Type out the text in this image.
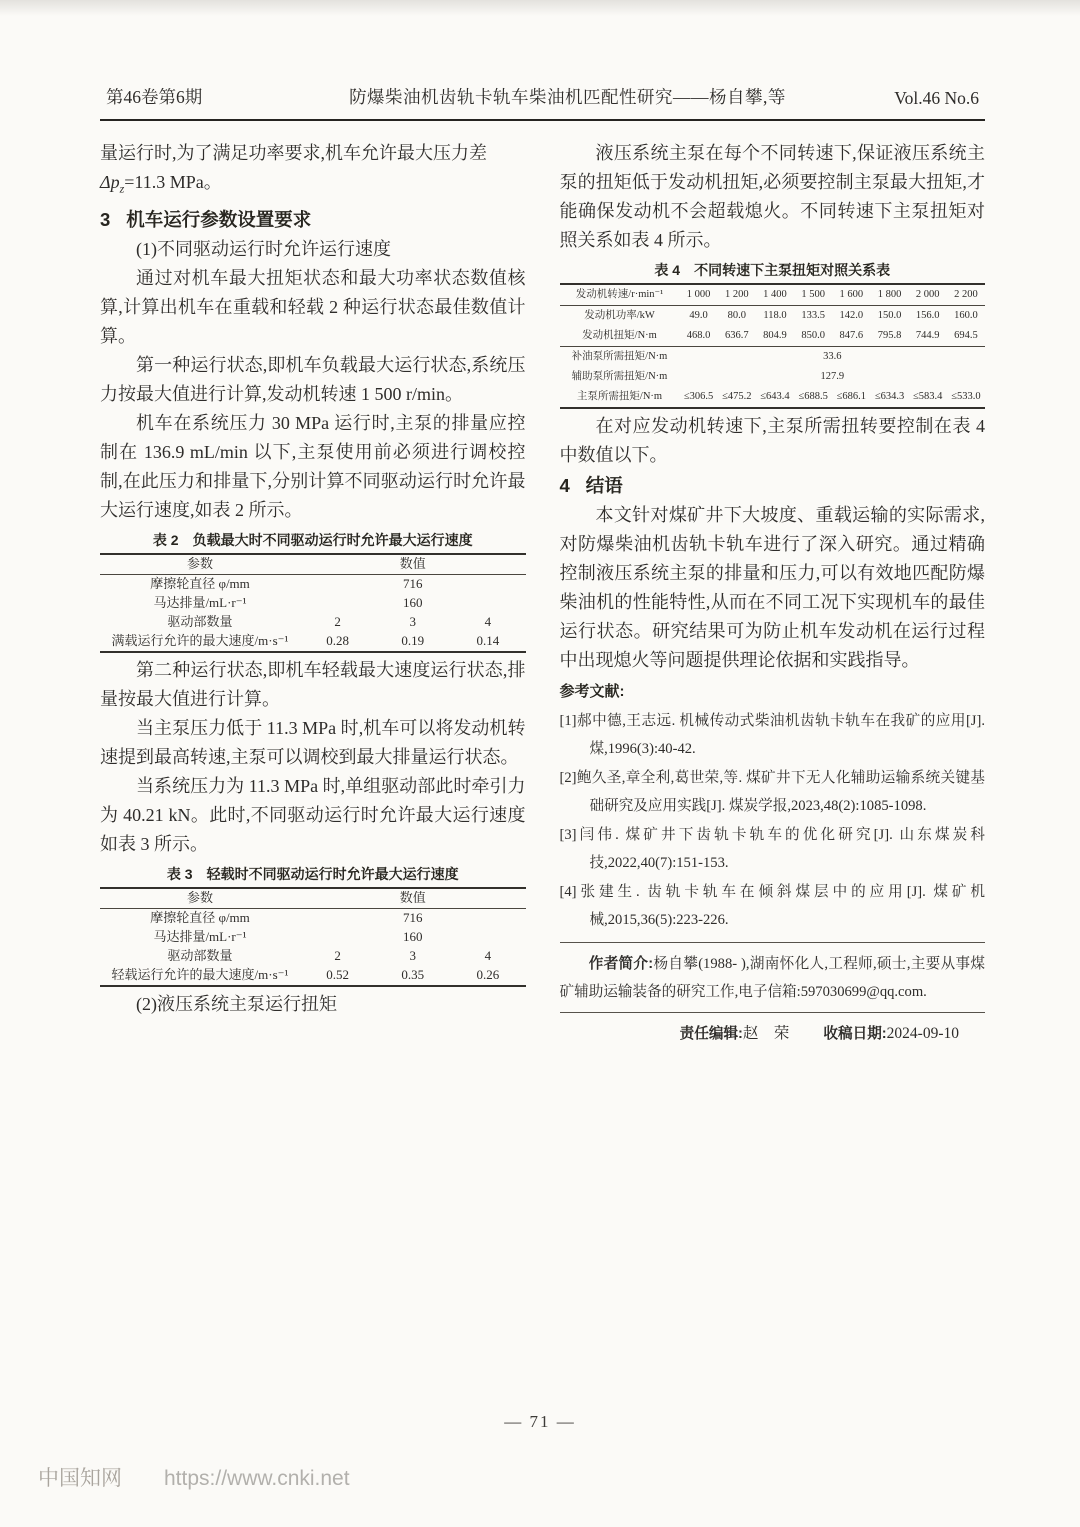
第46卷第6期	防爆柴油机齿轨卡轨车柴油机匹配性研究——杨自攀,等	Vol.46 No.6

量运行时,为了满足功率要求,机车允许最大压力差

$\Delta p_z=11.3$ MPa。

3 机车运行参数设置要求

(1)不同驱动运行时允许运行速度

通过对机车最大扭矩状态和最大功率状态数值核算,计算出机车在重载和轻载 2 种运行状态最佳数值计算。

第一种运行状态,即机车负载最大运行状态,系统压力按最大值进行计算,发动机转速 1 500 r/min。

机车在系统压力 30 MPa 运行时,主泵的排量应控制在 136.9 mL/min 以下,主泵使用前必须进行调校控制,在此压力和排量下,分别计算不同驱动运行时允许最大运行速度,如表 2 所示。

表 2　负载最大时不同驱动运行时允许最大运行速度
参数	数值		
摩擦轮直径 φ/mm	716		
马达排量/mL·r⁻¹	160		
驱动部数量	2	3	4
满载运行允许的最大速度/m·s⁻¹	0.28	0.19	0.14

第二种运行状态,即机车轻载最大速度运行状态,排量按最大值进行计算。

当主泵压力低于 11.3 MPa 时,机车可以将发动机转速提到最高转速,主泵可以调校到最大排量运行状态。

当系统压力为 11.3 MPa 时,单组驱动部此时牵引力为 40.21 kN。此时,不同驱动运行时允许最大运行速度如表 3 所示。

表 3　轻载时不同驱动运行时允许最大运行速度
参数	数值		
摩擦轮直径 φ/mm	716		
马达排量/mL·r⁻¹	160		
驱动部数量	2	3	4
轻载运行允许的最大速度/m·s⁻¹	0.52	0.35	0.26

(2)液压系统主泵运行扭矩

液压系统主泵在每个不同转速下,保证液压系统主泵的扭矩低于发动机扭矩,必须要控制主泵最大扭矩,才能确保发动机不会超载熄火。不同转速下主泵扭矩对照关系如表 4 所示。

表 4　不同转速下主泵扭矩对照关系表
发动机转速/r·min⁻¹	1 000	1 200	1 400	1 500	1 600	1 800	2 000	2 200
发动机功率/kW	49.0	80.0	118.0	133.5	142.0	150.0	156.0	160.0
发动机扭矩/N·m	468.0	636.7	804.9	850.0	847.6	795.8	744.9	694.5
补油泵所需扭矩/N·m	33.6							
辅助泵所需扭矩/N·m	127.9							
主泵所需扭矩/N·m	≤306.5	≤475.2	≤643.4	≤688.5	≤686.1	≤634.3	≤583.4	≤533.0

在对应发动机转速下,主泵所需扭转要控制在表 4 中数值以下。

4 结语

本文针对煤矿井下大坡度、重载运输的实际需求,对防爆柴油机齿轨卡轨车进行了深入研究。通过精确控制液压系统主泵的排量和压力,可以有效地匹配防爆柴油机的性能特性,从而在不同工况下实现机车的最佳运行状态。研究结果可为防止机车发动机在运行过程中出现熄火等问题提供理论依据和实践指导。

参考文献:
[1]郝中德,王志远. 机械传动式柴油机齿轨卡轨车在我矿的应用[J]. 煤,1996(3):40-42.
[2]鲍久圣,章全利,葛世荣,等. 煤矿井下无人化辅助运输系统关键基础研究及应用实践[J]. 煤炭学报,2023,48(2):1085-1098.
[3]闫伟. 煤矿井下齿轨卡轨车的优化研究[J]. 山东煤炭科技,2022,40(7):151-153.
[4]张建生. 齿轨卡轨车在倾斜煤层中的应用[J]. 煤矿机械,2015,36(5):223-226.

作者简介:杨自攀(1988- ),湖南怀化人,工程师,硕士,主要从事煤矿辅助运输装备的研究工作,电子信箱:597030699@qq.com.

责任编辑:赵　荣 收稿日期:2024-09-10

— 71 —
中国知网 https://www.cnki.net
